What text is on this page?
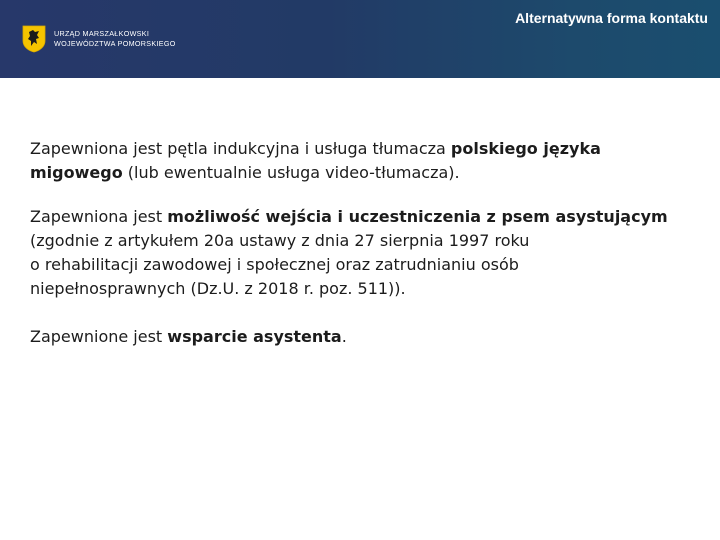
URZĄD MARSZAŁKOWSKI
WOJEWÓDZTWA POMORSKIEGO
Alternatywna forma kontaktu
Zapewniona jest pętla indukcyjna i usługa tłumacza polskiego języka
migowego (lub ewentualnie usługa video-tłumacza).
Zapewniona jest możliwość wejścia i uczestniczenia z psem asystującym
(zgodnie z artykułem 20a ustawy z dnia 27 sierpnia 1997 roku
o rehabilitacji zawodowej i społecznej oraz zatrudnianiu osób
niepełnosprawnych (Dz.U. z 2018 r. poz. 511)).
Zapewnione jest wsparcie asystenta.
